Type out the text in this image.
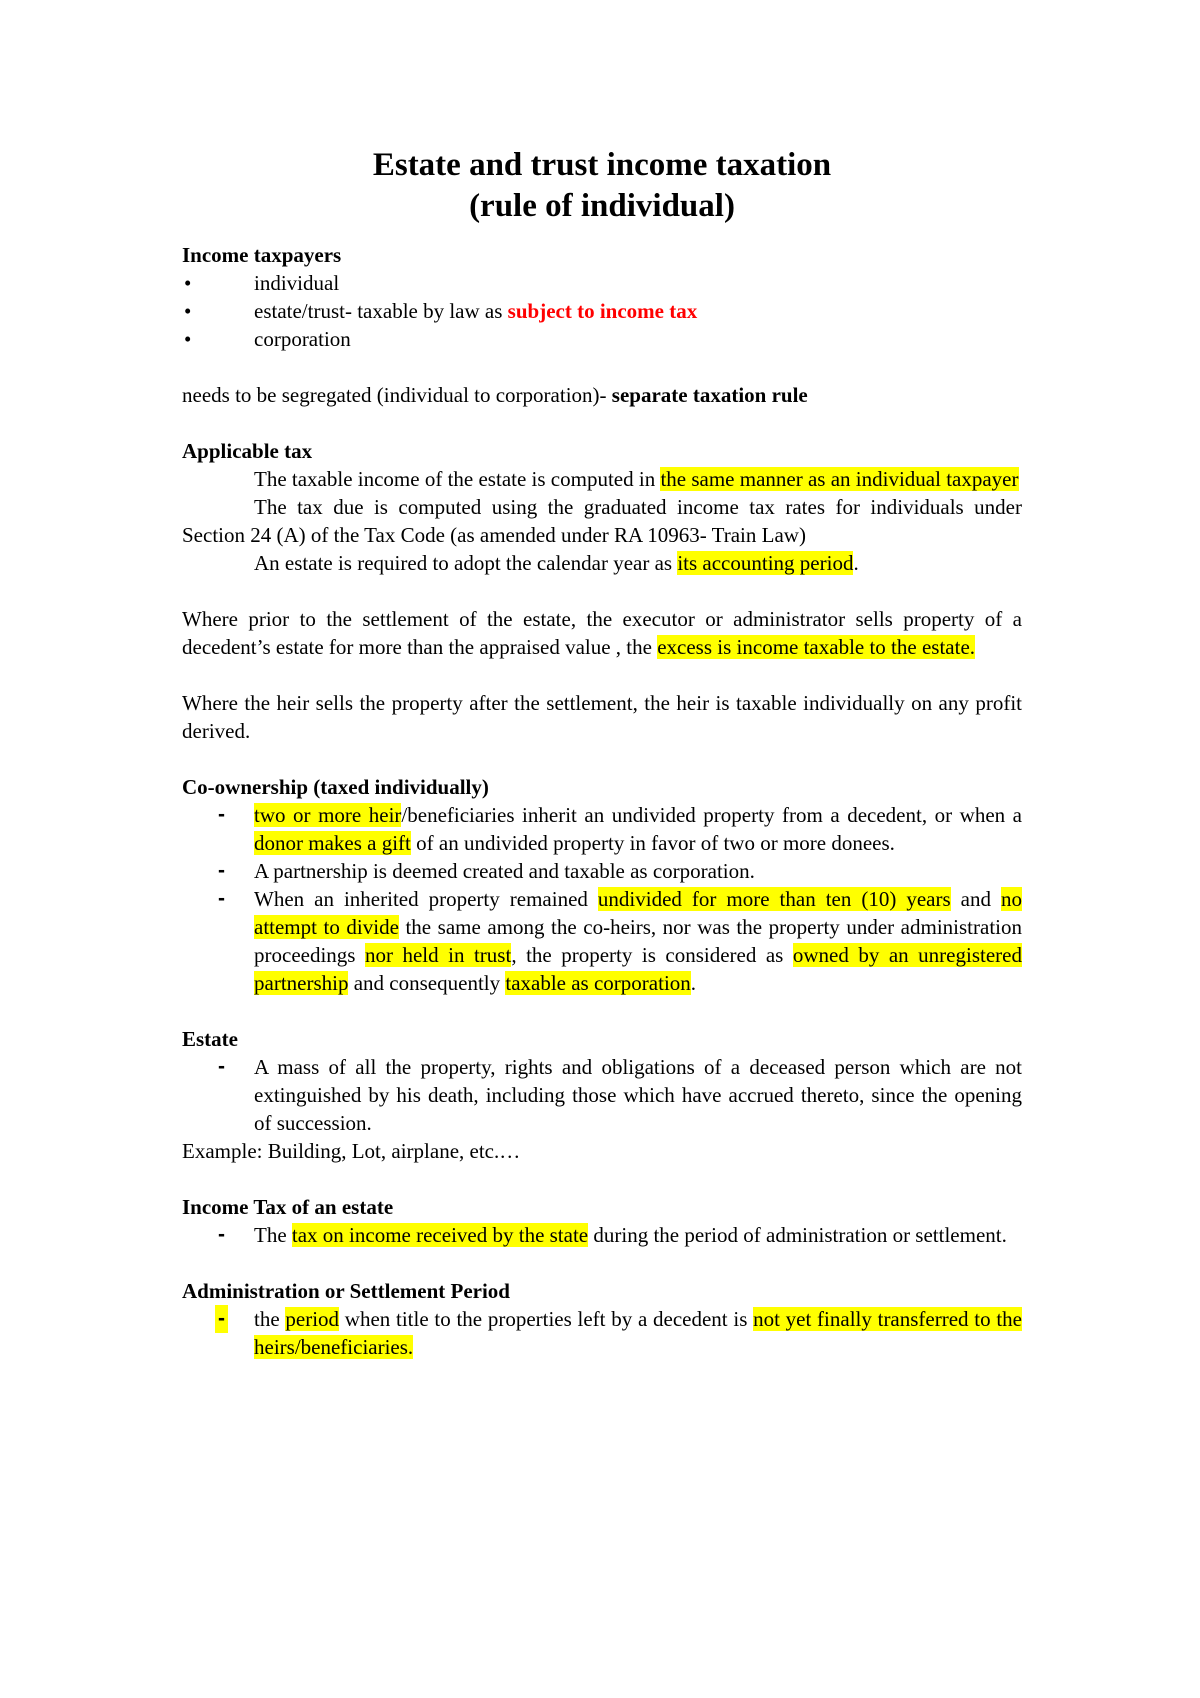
Estate and trust income taxation
(rule of individual)
Income taxpayers
•	individual
•	estate/trust- taxable by law as subject to income tax
•	corporation

needs to be segregated (individual to corporation)- separate taxation rule

Applicable tax

The taxable income of the estate is computed in the same manner as an individual taxpayer

The tax due is computed using the graduated income tax rates for individuals under Section 24 (A) of the Tax Code (as amended under RA 10963- Train Law)

An estate is required to adopt the calendar year as its accounting period.

Where prior to the settlement of the estate, the executor or administrator sells property of a decedent’s estate for more than the appraised value , the excess is income taxable to the estate.

Where the heir sells the property after the settlement, the heir is taxable individually on any profit derived.

Co-ownership (taxed individually)
- two or more heir/beneficiaries inherit an undivided property from a decedent, or when a donor makes a gift of an undivided property in favor of two or more donees.
- A partnership is deemed created and taxable as corporation.
- When an inherited property remained undivided for more than ten (10) years and no attempt to divide the same among the co-heirs, nor was the property under administration proceedings nor held in trust, the property is considered as owned by an unregistered partnership and consequently taxable as corporation.
Estate
- A mass of all the property, rights and obligations of a deceased person which are not extinguished by his death, including those which have accrued thereto, since the opening of succession.

Example: Building, Lot, airplane, etc.…

Income Tax of an estate
- The tax on income received by the state during the period of administration or settlement.
Administration or Settlement Period
- the period when title to the properties left by a decedent is not yet finally transferred to the heirs/beneficiaries.
